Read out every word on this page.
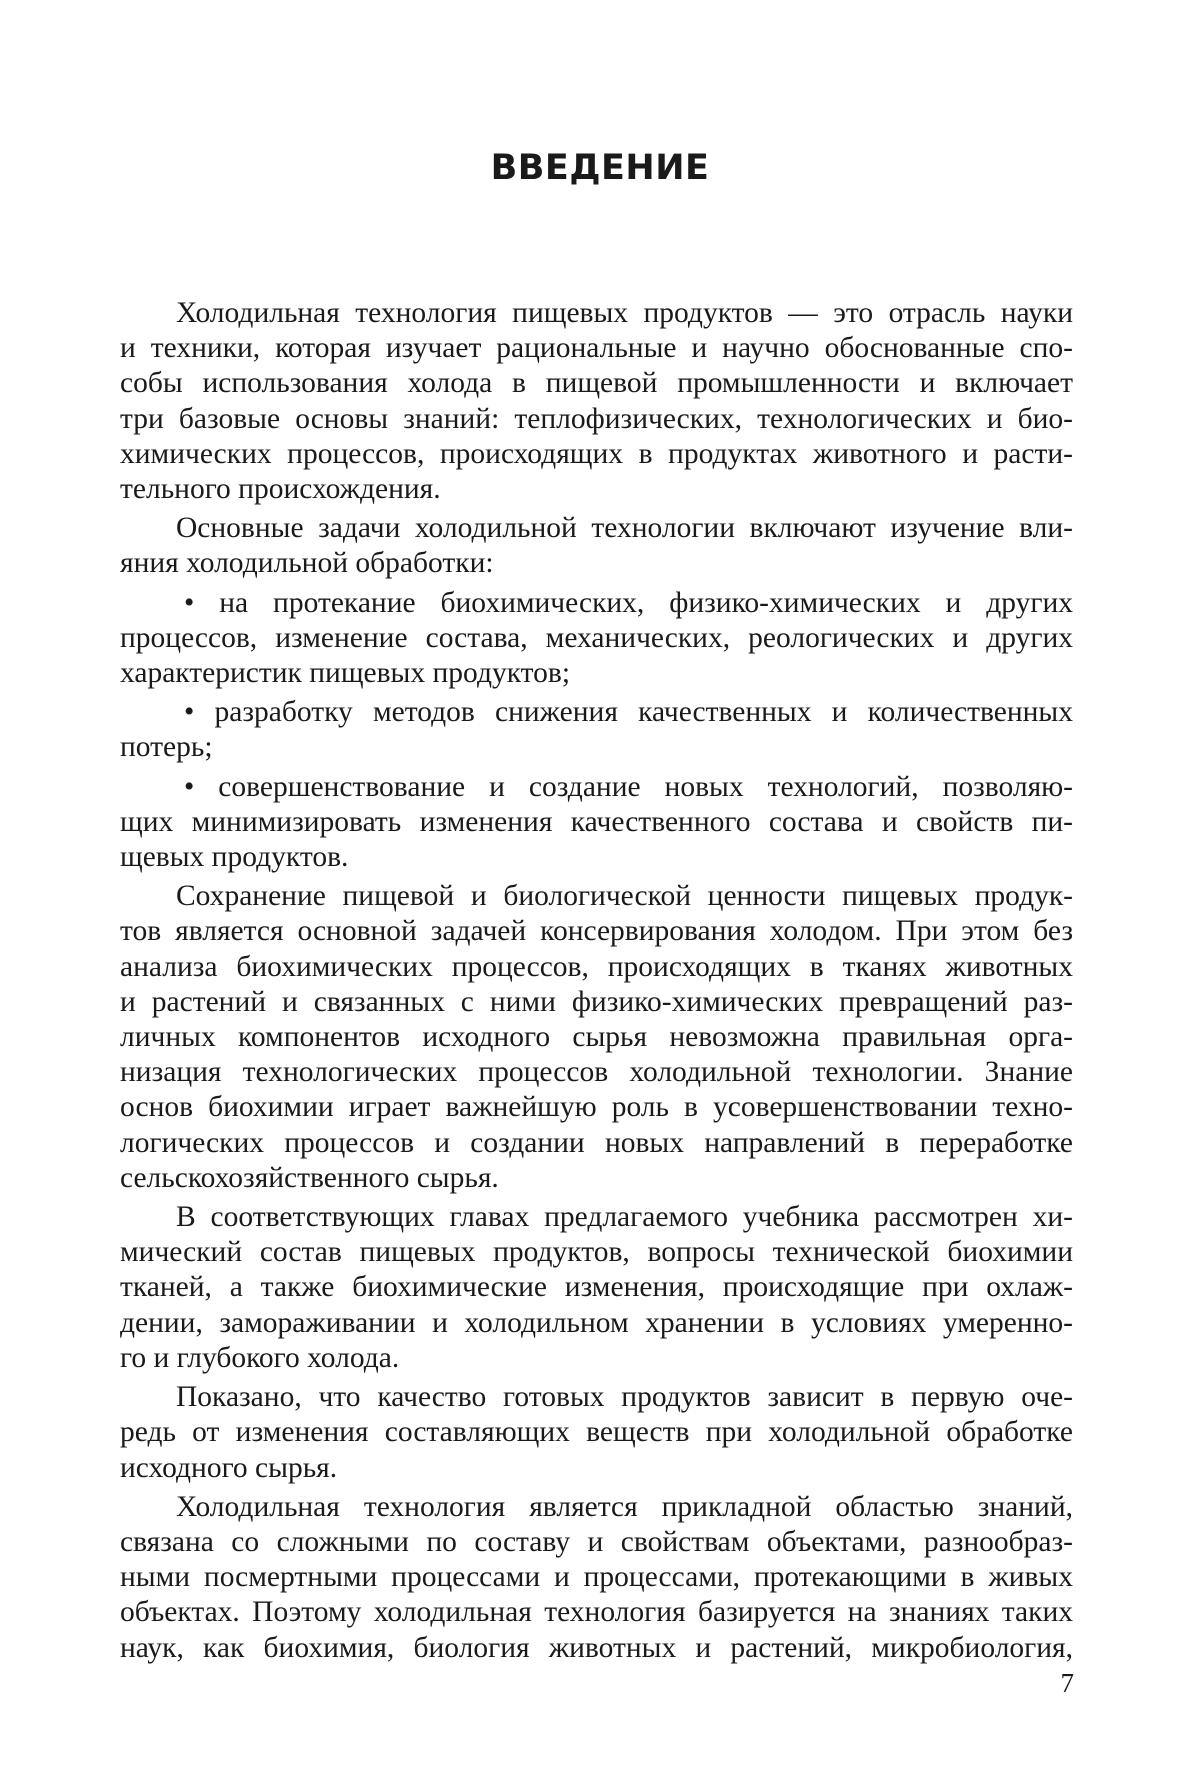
ВВЕДЕНИЕ
Холодильная технология пищевых продуктов — это отрасль науки
и техники, которая изучает рациональные и научно обоснованные спо-
собы использования холода в пищевой промышленности и включает
три базовые основы знаний: теплофизических, технологических и био-
химических процессов, происходящих в продуктах животного и расти-
тельного происхождения.
Основные задачи холодильной технологии включают изучение вли-
яния холодильной обработки:
• на протекание биохимических, физико-химических и других
процессов, изменение состава, механических, реологических и других
характеристик пищевых продуктов;
• разработку методов снижения качественных и количественных
потерь;
• совершенствование и создание новых технологий, позволяю-
щих минимизировать изменения качественного состава и свойств пи-
щевых продуктов.
Сохранение пищевой и биологической ценности пищевых продук-
тов является основной задачей консервирования холодом. При этом без
анализа биохимических процессов, происходящих в тканях животных
и растений и связанных с ними физико-химических превращений раз-
личных компонентов исходного сырья невозможна правильная орга-
низация технологических процессов холодильной технологии. Знание
основ биохимии играет важнейшую роль в усовершенствовании техно-
логических процессов и создании новых направлений в переработке
сельскохозяйственного сырья.
В соответствующих главах предлагаемого учебника рассмотрен хи-
мический состав пищевых продуктов, вопросы технической биохимии
тканей, а также биохимические изменения, происходящие при охлаж-
дении, замораживании и холодильном хранении в условиях умеренно-
го и глубокого холода.
Показано, что качество готовых продуктов зависит в первую оче-
редь от изменения составляющих веществ при холодильной обработке
исходного сырья.
Холодильная технология является прикладной областью знаний,
связана со сложными по составу и свойствам объектами, разнообраз-
ными посмертными процессами и процессами, протекающими в живых
объектах. Поэтому холодильная технология базируется на знаниях таких
наук, как биохимия, биология животных и растений, микробиология,
7
